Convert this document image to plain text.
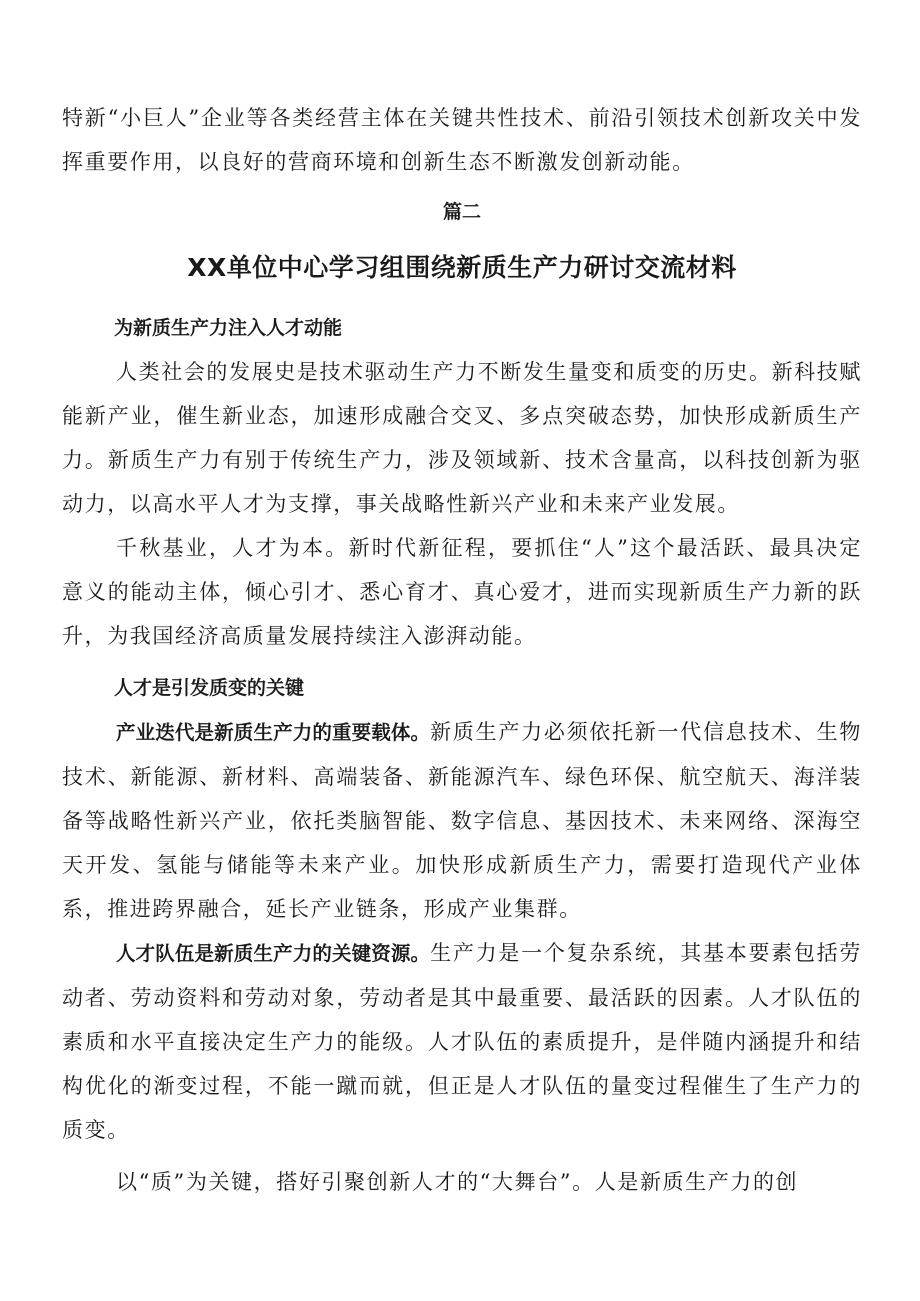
特新“小巨人”企业等各类经营主体在关键共性技术、前沿引领技术创新攻关中发挥重要作用，以良好的营商环境和创新生态不断激发创新动能。

篇二

XX单位中心学习组围绕新质生产力研讨交流材料
为新质生产力注入人才动能

人类社会的发展史是技术驱动生产力不断发生量变和质变的历史。新科技赋能新产业，催生新业态，加速形成融合交叉、多点突破态势，加快形成新质生产力。新质生产力有别于传统生产力，涉及领域新、技术含量高，以科技创新为驱动力，以高水平人才为支撑，事关战略性新兴产业和未来产业发展。

千秋基业，人才为本。新时代新征程，要抓住“人”这个最活跃、最具决定意义的能动主体，倾心引才、悉心育才、真心爱才，进而实现新质生产力新的跃升，为我国经济高质量发展持续注入澎湃动能。

人才是引发质变的关键

产业迭代是新质生产力的重要载体。新质生产力必须依托新一代信息技术、生物技术、新能源、新材料、高端装备、新能源汽车、绿色环保、航空航天、海洋装备等战略性新兴产业，依托类脑智能、数字信息、基因技术、未来网络、深海空天开发、氢能与储能等未来产业。加快形成新质生产力，需要打造现代产业体系，推进跨界融合，延长产业链条，形成产业集群。

人才队伍是新质生产力的关键资源。生产力是一个复杂系统，其基本要素包括劳动者、劳动资料和劳动对象，劳动者是其中最重要、最活跃的因素。人才队伍的素质和水平直接决定生产力的能级。人才队伍的素质提升，是伴随内涵提升和结构优化的渐变过程，不能一蹴而就，但正是人才队伍的量变过程催生了生产力的质变。

以“质”为关键，搭好引聚创新人才的“大舞台”。人是新质生产力的创
